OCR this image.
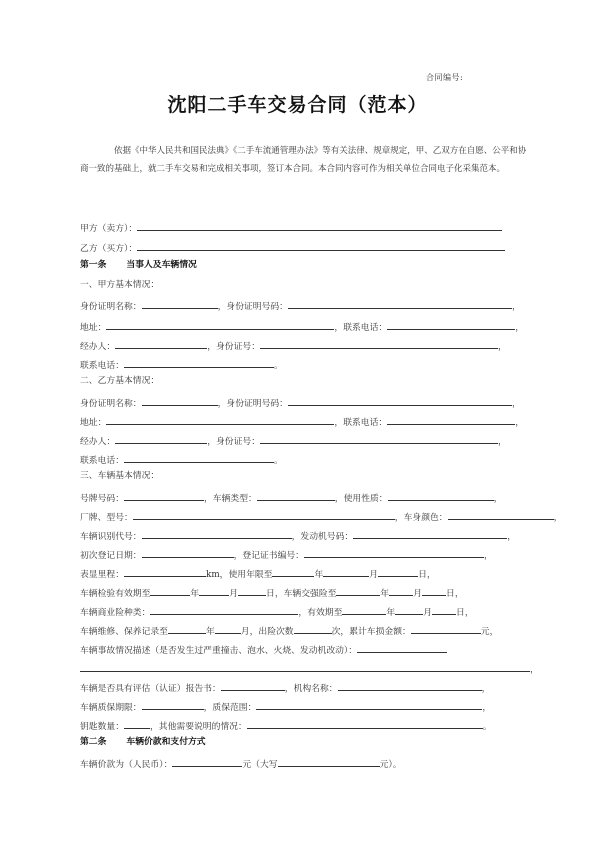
合同编号:
沈阳二手车交易合同（范本）

依据《中华人民共和国民法典》《二手车流通管理办法》等有关法律、规章规定，甲、乙双方在自愿、公平和协商一致的基础上，就二手车交易和完成相关事项，签订本合同。本合同内容可作为相关单位合同电子化采集范本。

甲方（卖方）：
乙方（买方）：
第一条 当事人及车辆情况
一、甲方基本情况：
身份证明名称：	，身份证明号码：	，
地址：	，联系电话：	，
经办人：	，身份证号：	，
联系电话：	。
二、乙方基本情况：
身份证明名称：	，身份证明号码：	，
地址：	，联系电话：	，
经办人：	，身份证号：	，
联系电话：	。
三、车辆基本情况：
号牌号码：	，车辆类型：	，使用性质：	，
厂牌、型号：	，车身颜色：	，
车辆识别代号：	，发动机号码：	，
初次登记日期：	，登记证书编号：	，
表显里程：	km，使用年限至	年	月	日，
车辆检验有效期至	年	月	日，车辆交强险至	年	月	日，
车辆商业险种类：	，有效期至	年	月	日，
车辆维修、保养记录至	年	月，出险次数	次，累计车损金额：	元，
车辆事故情况描述（是否发生过严重撞击、泡水、火烧、发动机改动）：
，
车辆是否具有评估（认证）报告书：	，机构名称：	，
车辆质保期限：	，质保范围：	，
钥匙数量：	，其他需要说明的情况：	。
第二条 车辆价款和支付方式
车辆价款为（人民币）：	元（大写	元）。
